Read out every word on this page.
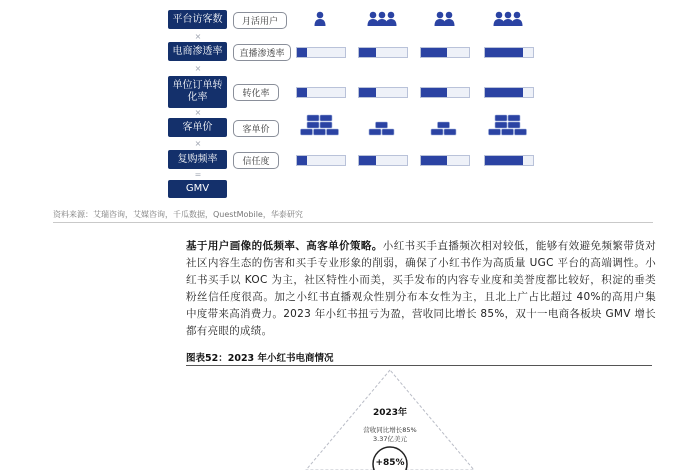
平台访客数
×
电商渗透率
×
单位订单转化率
×
客单价
×
复购频率
=
GMV
月活用户
直播渗透率
转化率
客单价
信任度
资料来源：艾瑞咨询，艾媒咨询，千瓜数据，QuestMobile，华泰研究
基于用户画像的低频率、高客单价策略。小红书买手直播频次相对较低，能够有效避免频繁带货对社区内容生态的伤害和买手专业形象的削弱，确保了小红书作为高质量 UGC 平台的高端调性。小红书买手以 KOC 为主，社区特性小而美，买手发布的内容专业度和美誉度都比较好，积淀的垂类粉丝信任度很高。加之小红书直播观众性别分布本女性为主，且北上广占比超过 40%的高用户集中度带来高消费力。2023 年小红书扭亏为盈，营收同比增长 85%，双十一电商各板块 GMV 增长都有亮眼的成绩。
图表52：2023 年小红书电商情况
2023年
营收同比增长85%
3.37亿美元
+85%
